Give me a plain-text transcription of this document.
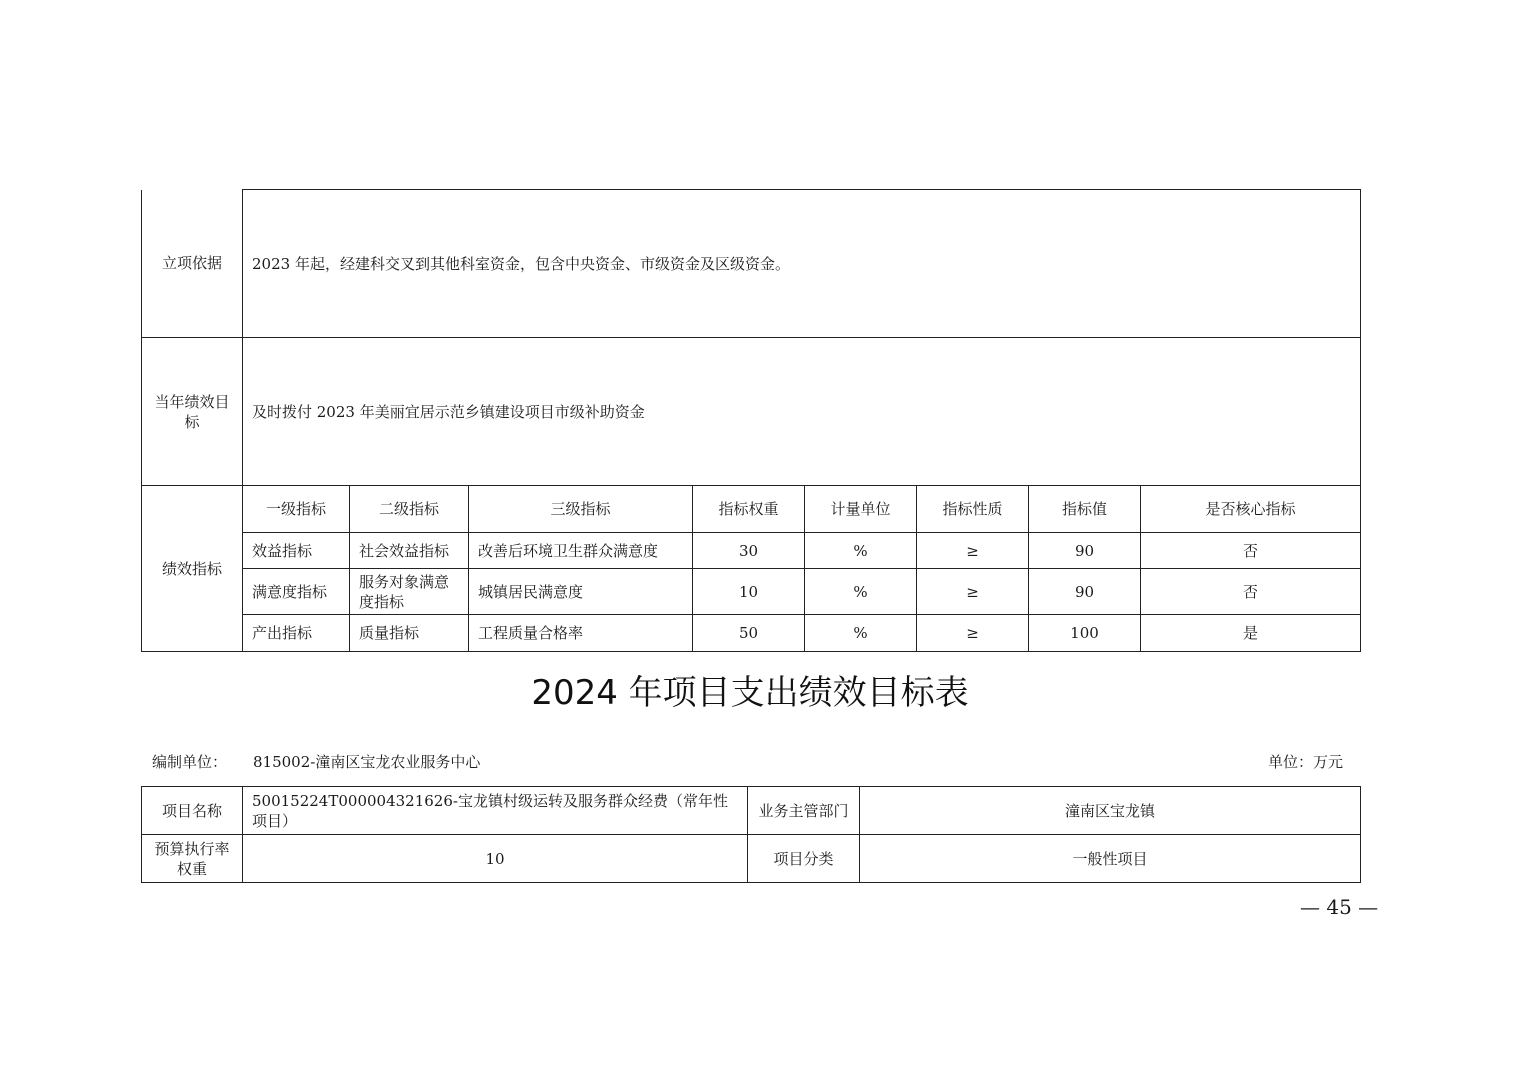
立项依据	2023 年起，经建科交叉到其他科室资金，包含中央资金、市级资金及区级资金。							
当年绩效目标	及时拨付 2023 年美丽宜居示范乡镇建设项目市级补助资金							
绩效指标	一级指标	二级指标	三级指标	指标权重	计量单位	指标性质	指标值	是否核心指标
	效益指标	社会效益指标	改善后环境卫生群众满意度	30	%	≥	90	否
	满意度指标	服务对象满意度指标	城镇居民满意度	10	%	≥	90	否
	产出指标	质量指标	工程质量合格率	50	%	≥	100	是
2024 年项目支出绩效目标表
编制单位： 815002-潼南区宝龙农业服务中心	单位：万元
项目名称	50015224T000004321626-宝龙镇村级运转及服务群众经费（常年性项目）	业务主管部门	潼南区宝龙镇
预算执行率权重	10	项目分类	一般性项目
— 45 —
